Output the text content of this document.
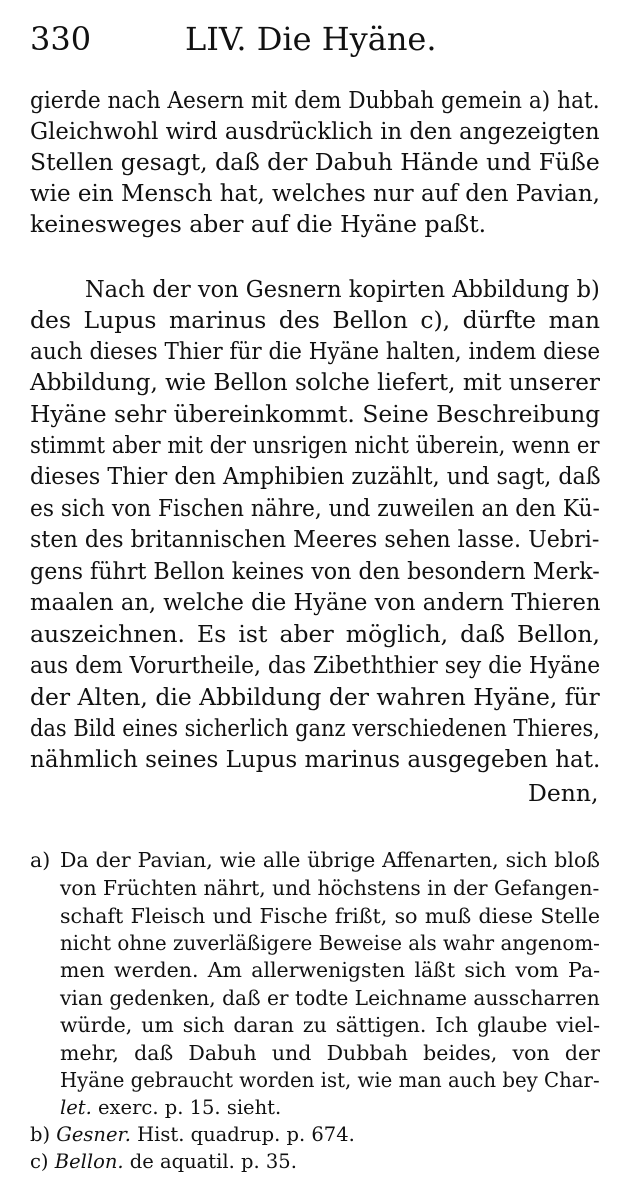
330	LIV. Die Hyäne.
gierde nach Aesern mit dem Dubbah gemein a) hat.
Gleichwohl wird ausdrücklich in den angezeigten
Stellen gesagt, daß der Dabuh Hände und Füße
wie ein Mensch hat, welches nur auf den Pavian,
keinesweges aber auf die Hyäne paßt.
Nach der von Gesnern kopirten Abbildung b)
des Lupus marinus des Bellon c), dürfte man
auch dieses Thier für die Hyäne halten, indem diese
Abbildung, wie Bellon solche liefert, mit unserer
Hyäne sehr übereinkommt. Seine Beschreibung
stimmt aber mit der unsrigen nicht überein, wenn er
dieses Thier den Amphibien zuzählt, und sagt, daß
es sich von Fischen nähre, und zuweilen an den Kü-
sten des britannischen Meeres sehen lasse. Uebri-
gens führt Bellon keines von den besondern Merk-
maalen an, welche die Hyäne von andern Thieren
auszeichnen. Es ist aber möglich, daß Bellon,
aus dem Vorurtheile, das Zibeththier sey die Hyäne
der Alten, die Abbildung der wahren Hyäne, für
das Bild eines sicherlich ganz verschiedenen Thieres,
nähmlich seines Lupus marinus ausgegeben hat.
Denn,
a) Da der Pavian, wie alle übrige Affenarten, sich bloß
von Früchten nährt, und höchstens in der Gefangen-
schaft Fleisch und Fische frißt, so muß diese Stelle
nicht ohne zuverläßigere Beweise als wahr angenom-
men werden. Am allerwenigsten läßt sich vom Pa-
vian gedenken, daß er todte Leichname ausscharren
würde, um sich daran zu sättigen. Ich glaube viel-
mehr, daß Dabuh und Dubbah beides, von der
Hyäne gebraucht worden ist, wie man auch bey Char-
let. exerc. p. 15. sieht.
b) Gesner. Hist. quadrup. p. 674.
c) Bellon. de aquatil. p. 35.
